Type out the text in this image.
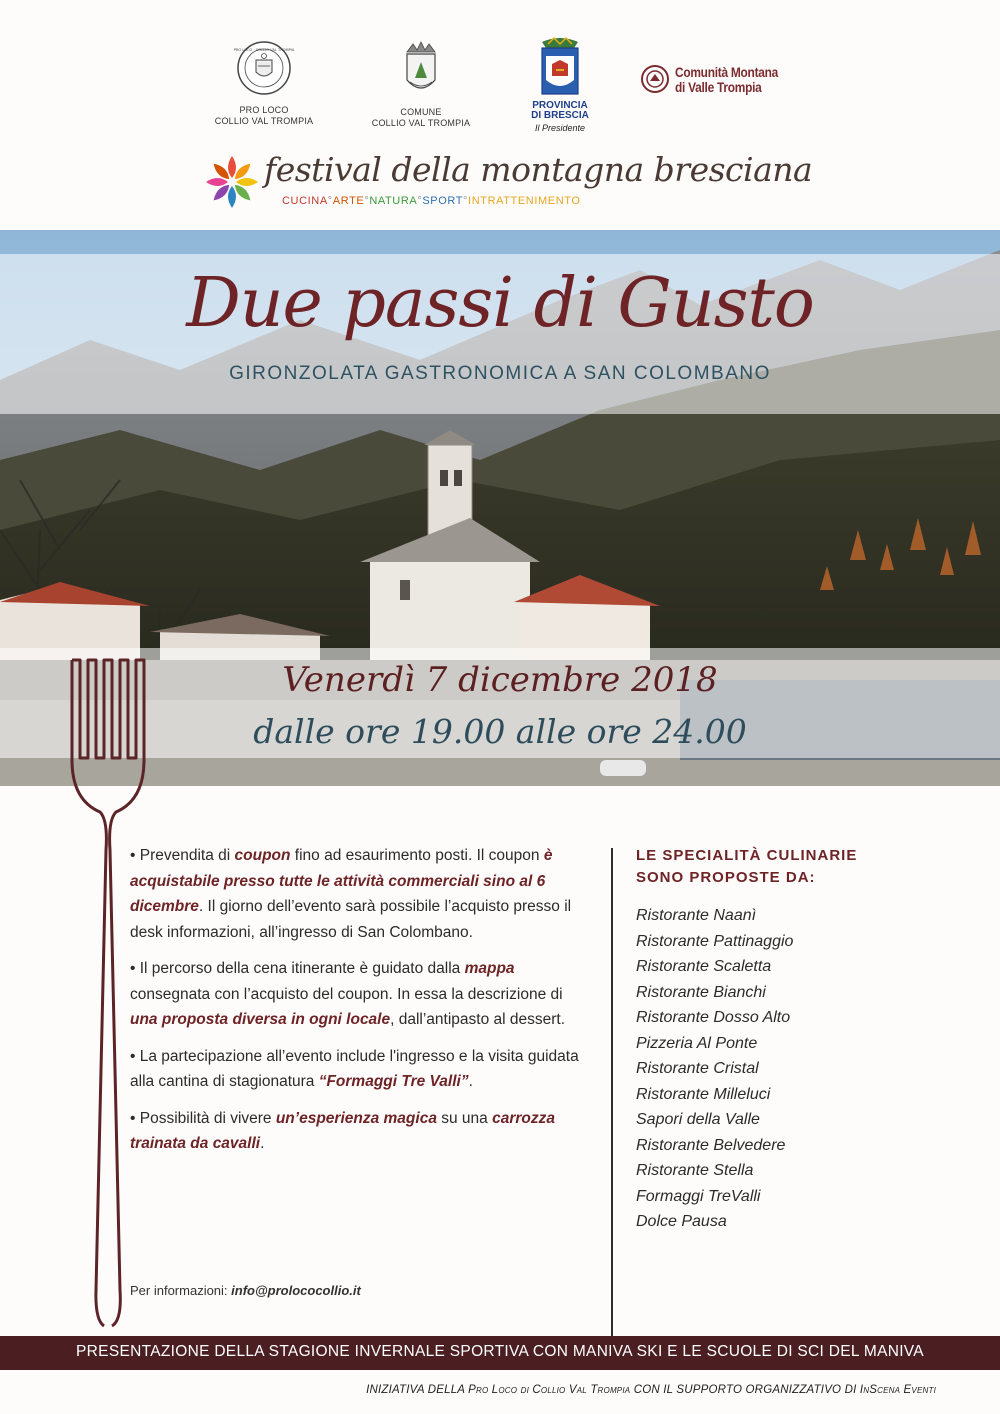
PRO LOCO · COLLIO VAL TROMPIA
PRO LOCO
COLLIO VAL TROMPIA
COMUNE
COLLIO VAL TROMPIA
PROVINCIA
DI BRESCIA
Il Presidente
Comunità Montana
di Valle Trompia
festival della montagna bresciana
CUCINA°ARTE°NATURA°SPORT°INTRATTENIMENTO
Due passi di Gusto
GIRONZOLATA GASTRONOMICA A SAN COLOMBANO
Venerdì 7 dicembre 2018
dalle ore 19.00 alle ore 24.00

• Prevendita di coupon fino ad esaurimento posti. Il coupon è acquistabile presso tutte le attività commerciali sino al 6 dicembre. Il giorno dell’evento sarà possibile l’acquisto presso il desk informazioni, all’ingresso di San Colombano.

• Il percorso della cena itinerante è guidato dalla mappa consegnata con l’acquisto del coupon. In essa la descrizione di una proposta diversa in ogni locale, dall’antipasto al dessert.

• La partecipazione all’evento include l'ingresso e la visita guidata alla cantina di stagionatura “Formaggi Tre Valli”.

• Possibilità di vivere un’esperienza magica su una carrozza trainata da cavalli.

Per informazioni: info@prolococollio.it
LE SPECIALITÀ CULINARIE
SONO PROPOSTE DA:
Ristorante Naanì
Ristorante Pattinaggio
Ristorante Scaletta
Ristorante Bianchi
Ristorante Dosso Alto
Pizzeria Al Ponte
Ristorante Cristal
Ristorante Milleluci
Sapori della Valle
Ristorante Belvedere
Ristorante Stella
Formaggi TreValli
Dolce Pausa
PRESENTAZIONE DELLA STAGIONE INVERNALE SPORTIVA CON MANIVA SKI E LE SCUOLE DI SCI DEL MANIVA
INIZIATIVA DELLA Pro Loco di Collio Val Trompia CON IL SUPPORTO ORGANIZZATIVO DI InScena Eventi
